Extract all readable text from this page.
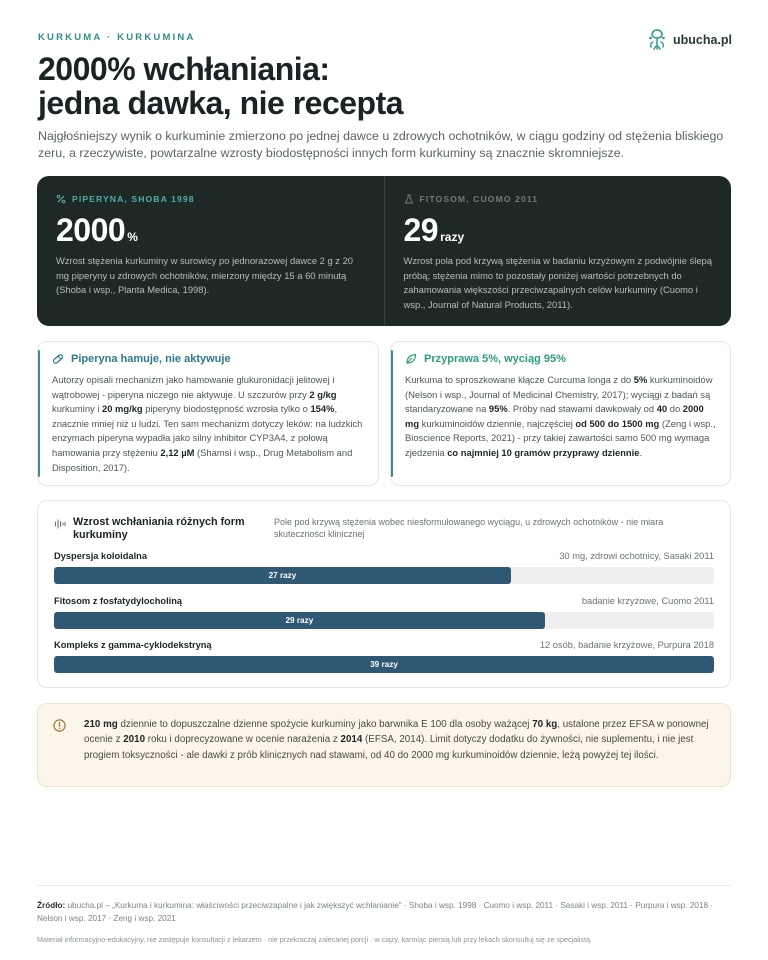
KURKUMA · KURKUMINA	ubucha.pl
2000% wchłaniania:
jedna dawka, nie recepta

Najgłośniejszy wynik o kurkuminie zmierzono po jednej dawce u zdrowych ochotników, w ciągu godziny od stężenia bliskiego zeru, a rzeczywiste, powtarzalne wzrosty biodostępności innych form kurkuminy są znacznie skromniejsze.

PIPERYNA, SHOBA 1998
2000 %

Wzrost stężenia kurkuminy w surowicy po jednorazowej dawce 2 g z 20 mg piperyny u zdrowych ochotników, mierzony między 15 a 60 minutą (Shoba i wsp., Planta Medica, 1998).

FITOSOM, CUOMO 2011
29 razy

Wzrost pola pod krzywą stężenia w badaniu krzyżowym z podwójnie ślepą próbą; stężenia mimo to pozostały poniżej wartości potrzebnych do zahamowania większości przeciwzapalnych celów kurkuminy (Cuomo i wsp., Journal of Natural Products, 2011).

Piperyna hamuje, nie aktywuje

Autorzy opisali mechanizm jako hamowanie glukuronidacji jelitowej i wątrobowej - piperyna niczego nie aktywuje. U szczurów przy 2 g/kg kurkuminy i 20 mg/kg piperyny biodostępność wzrosła tylko o 154%, znacznie mniej niż u ludzi. Ten sam mechanizm dotyczy leków: na ludzkich enzymach piperyna wypadła jako silny inhibitor CYP3A4, z połową hamowania przy stężeniu 2,12 µM (Shamsi i wsp., Drug Metabolism and Disposition, 2017).

Przyprawa 5%, wyciąg 95%

Kurkuma to sproszkowane kłącze Curcuma longa z do 5% kurkuminoidów (Nelson i wsp., Journal of Medicinal Chemistry, 2017); wyciągi z badań są standaryzowane na 95%. Próby nad stawami dawkowały od 40 do 2000 mg kurkuminoidów dziennie, najczęściej od 500 do 1500 mg (Zeng i wsp., Bioscience Reports, 2021) - przy takiej zawartości samo 500 mg wymaga zjedzenia co najmniej 10 gramów przyprawy dziennie.

Wzrost wchłaniania różnych form kurkuminy
Pole pod krzywą stężenia wobec niesformułowanego wyciągu, u zdrowych ochotników - nie miara skuteczności klinicznej
Dyspersja koloidalna	30 mg, zdrowi ochotnicy, Sasaki 2011
27 razy
Fitosom z fosfatydylocholiną	badanie krzyżowe, Cuomo 2011
29 razy
Kompleks z gamma-cyklodekstryną	12 osób, badanie krzyżowe, Purpura 2018
39 razy

210 mg dziennie to dopuszczalne dzienne spożycie kurkuminy jako barwnika E 100 dla osoby ważącej 70 kg, ustalone przez EFSA w ponownej ocenie z 2010 roku i doprecyzowane w ocenie narażenia z 2014 (EFSA, 2014). Limit dotyczy dodatku do żywności, nie suplementu, i nie jest progiem toksyczności - ale dawki z prób klinicznych nad stawami, od 40 do 2000 mg kurkuminoidów dziennie, leżą powyżej tej ilości.

Źródło: ubucha.pl – „Kurkuma i kurkumina: właściwości przeciwzapalne i jak zwiększyć wchłanianie" · Shoba i wsp. 1998 · Cuomo i wsp. 2011 · Sasaki i wsp. 2011 · Purpura i wsp. 2018 · Nelson i wsp. 2017 · Zeng i wsp. 2021

Materiał informacyjno-edukacyjny, nie zastępuje konsultacji z lekarzem · nie przekraczaj zalecanej porcji · w ciąży, karmiąc piersią lub przy lekach skonsultuj się ze specjalistą.
